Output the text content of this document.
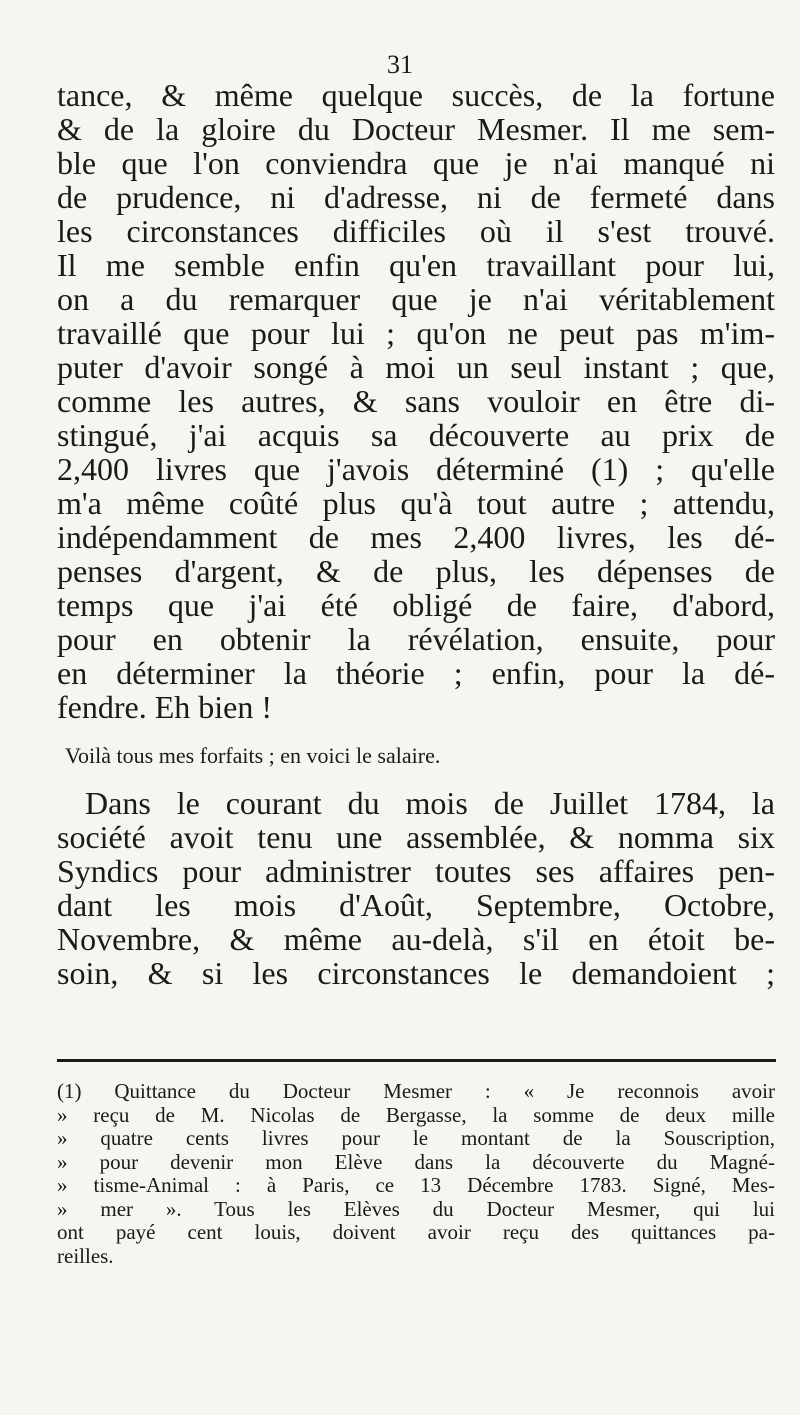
31
tance, & même quelque succès, de la fortune
& de la gloire du Docteur Mesmer. Il me sem-
ble que l'on conviendra que je n'ai manqué ni
de prudence, ni d'adresse, ni de fermeté dans
les circonstances difficiles où il s'est trouvé.
Il me semble enfin qu'en travaillant pour lui,
on a du remarquer que je n'ai véritablement
travaillé que pour lui ; qu'on ne peut pas m'im-
puter d'avoir songé à moi un seul instant ; que,
comme les autres, & sans vouloir en être di-
stingué, j'ai acquis sa découverte au prix de
2,400 livres que j'avois déterminé (1) ; qu'elle
m'a même coûté plus qu'à tout autre ; attendu,
indépendamment de mes 2,400 livres, les dé-
penses d'argent, & de plus, les dépenses de
temps que j'ai été obligé de faire, d'abord,
pour en obtenir la révélation, ensuite, pour
en déterminer la théorie ; enfin, pour la dé-
fendre. Eh bien !
Voilà tous mes forfaits ; en voici le salaire.
Dans le courant du mois de Juillet 1784, la
société avoit tenu une assemblée, & nomma six
Syndics pour administrer toutes ses affaires pen-
dant les mois d'Août, Septembre, Octobre,
Novembre, & même au-delà, s'il en étoit be-
soin, & si les circonstances le demandoient ;
(1) Quittance du Docteur Mesmer : « Je reconnois avoir
» reçu de M. Nicolas de Bergasse, la somme de deux mille
» quatre cents livres pour le montant de la Souscription,
» pour devenir mon Elève dans la découverte du Magné-
» tisme-Animal : à Paris, ce 13 Décembre 1783. Signé, Mes-
» mer ». Tous les Elèves du Docteur Mesmer, qui lui
ont payé cent louis, doivent avoir reçu des quittances pa-
reilles.
